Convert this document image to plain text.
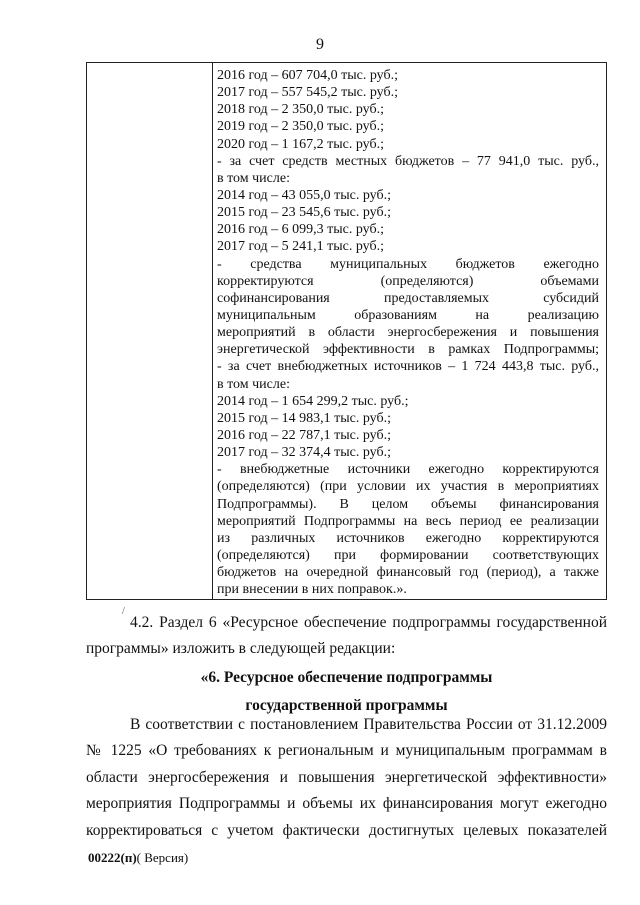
9
2016 год – 607 704,0 тыс. руб.;
2017 год – 557 545,2 тыс. руб.;
2018 год – 2 350,0 тыс. руб.;
2019 год – 2 350,0 тыс. руб.;
2020 год – 1 167,2 тыс. руб.;
- за счет средств местных бюджетов – 77 941,0 тыс. руб.,
в том числе:
2014 год – 43 055,0 тыс. руб.;
2015 год – 23 545,6 тыс. руб.;
2016 год – 6 099,3 тыс. руб.;
2017 год – 5 241,1 тыс. руб.;
- средства муниципальных бюджетов ежегодно
корректируются (определяются) объемами
софинансирования предоставляемых субсидий
муниципальным образованиям на реализацию
мероприятий в области энергосбережения и повышения
энергетической эффективности в рамках Подпрограммы;
- за счет внебюджетных источников – 1 724 443,8 тыс. руб.,
в том числе:
2014 год – 1 654 299,2 тыс. руб.;
2015 год – 14 983,1 тыс. руб.;
2016 год – 22 787,1 тыс. руб.;
2017 год – 32 374,4 тыс. руб.;
- внебюджетные источники ежегодно корректируются
(определяются) (при условии их участия в мероприятиях
Подпрограммы). В целом объемы финансирования
мероприятий Подпрограммы на весь период ее реализации
из различных источников ежегодно корректируются
(определяются) при формировании соответствующих
бюджетов на очередной финансовый год (период), а также
при внесении в них поправок.».
/
4.2. Раздел 6 «Ресурсное обеспечение подпрограммы государственной
программы» изложить в следующей редакции:
«6. Ресурсное обеспечение подпрограммы
государственной программы
В соответствии с постановлением Правительства России от 31.12.2009
№ 1225 «О требованиях к региональным и муниципальным программам в
области энергосбережения и повышения энергетической эффективности»
мероприятия Подпрограммы и объемы их финансирования могут ежегодно
корректироваться с учетом фактически достигнутых целевых показателей
00222(п)( Версия)
